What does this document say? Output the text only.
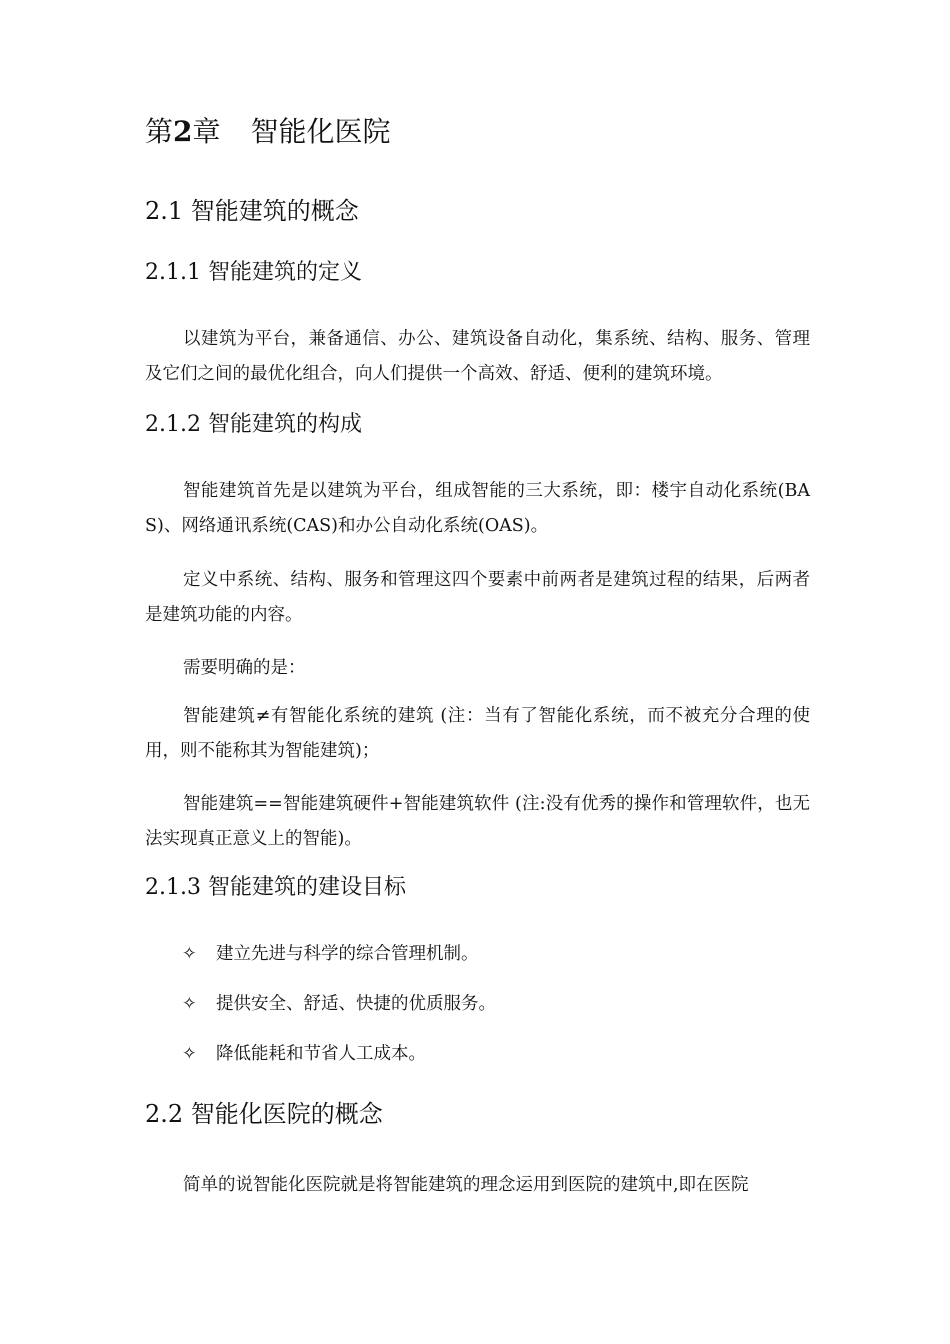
第2章 智能化医院
2.1 智能建筑的概念
2.1.1 智能建筑的定义

以建筑为平台，兼备通信、办公、建筑设备自动化，集系统、结构、服务、管理及它们之间的最优化组合，向人们提供一个高效、舒适、便利的建筑环境。

2.1.2 智能建筑的构成

智能建筑首先是以建筑为平台，组成智能的三大系统，即：楼宇自动化系统(BAS)、网络通讯系统(CAS)和办公自动化系统(OAS)。

定义中系统、结构、服务和管理这四个要素中前两者是建筑过程的结果，后两者是建筑功能的内容。

需要明确的是：

智能建筑≠有智能化系统的建筑 (注：当有了智能化系统，而不被充分合理的使用，则不能称其为智能建筑)；

智能建筑==智能建筑硬件+智能建筑软件 (注:没有优秀的操作和管理软件，也无法实现真正意义上的智能)。

2.1.3 智能建筑的建设目标
✧ 建立先进与科学的综合管理机制。
✧ 提供安全、舒适、快捷的优质服务。
✧ 降低能耗和节省人工成本。
2.2 智能化医院的概念

简单的说智能化医院就是将智能建筑的理念运用到医院的建筑中,即在医院
